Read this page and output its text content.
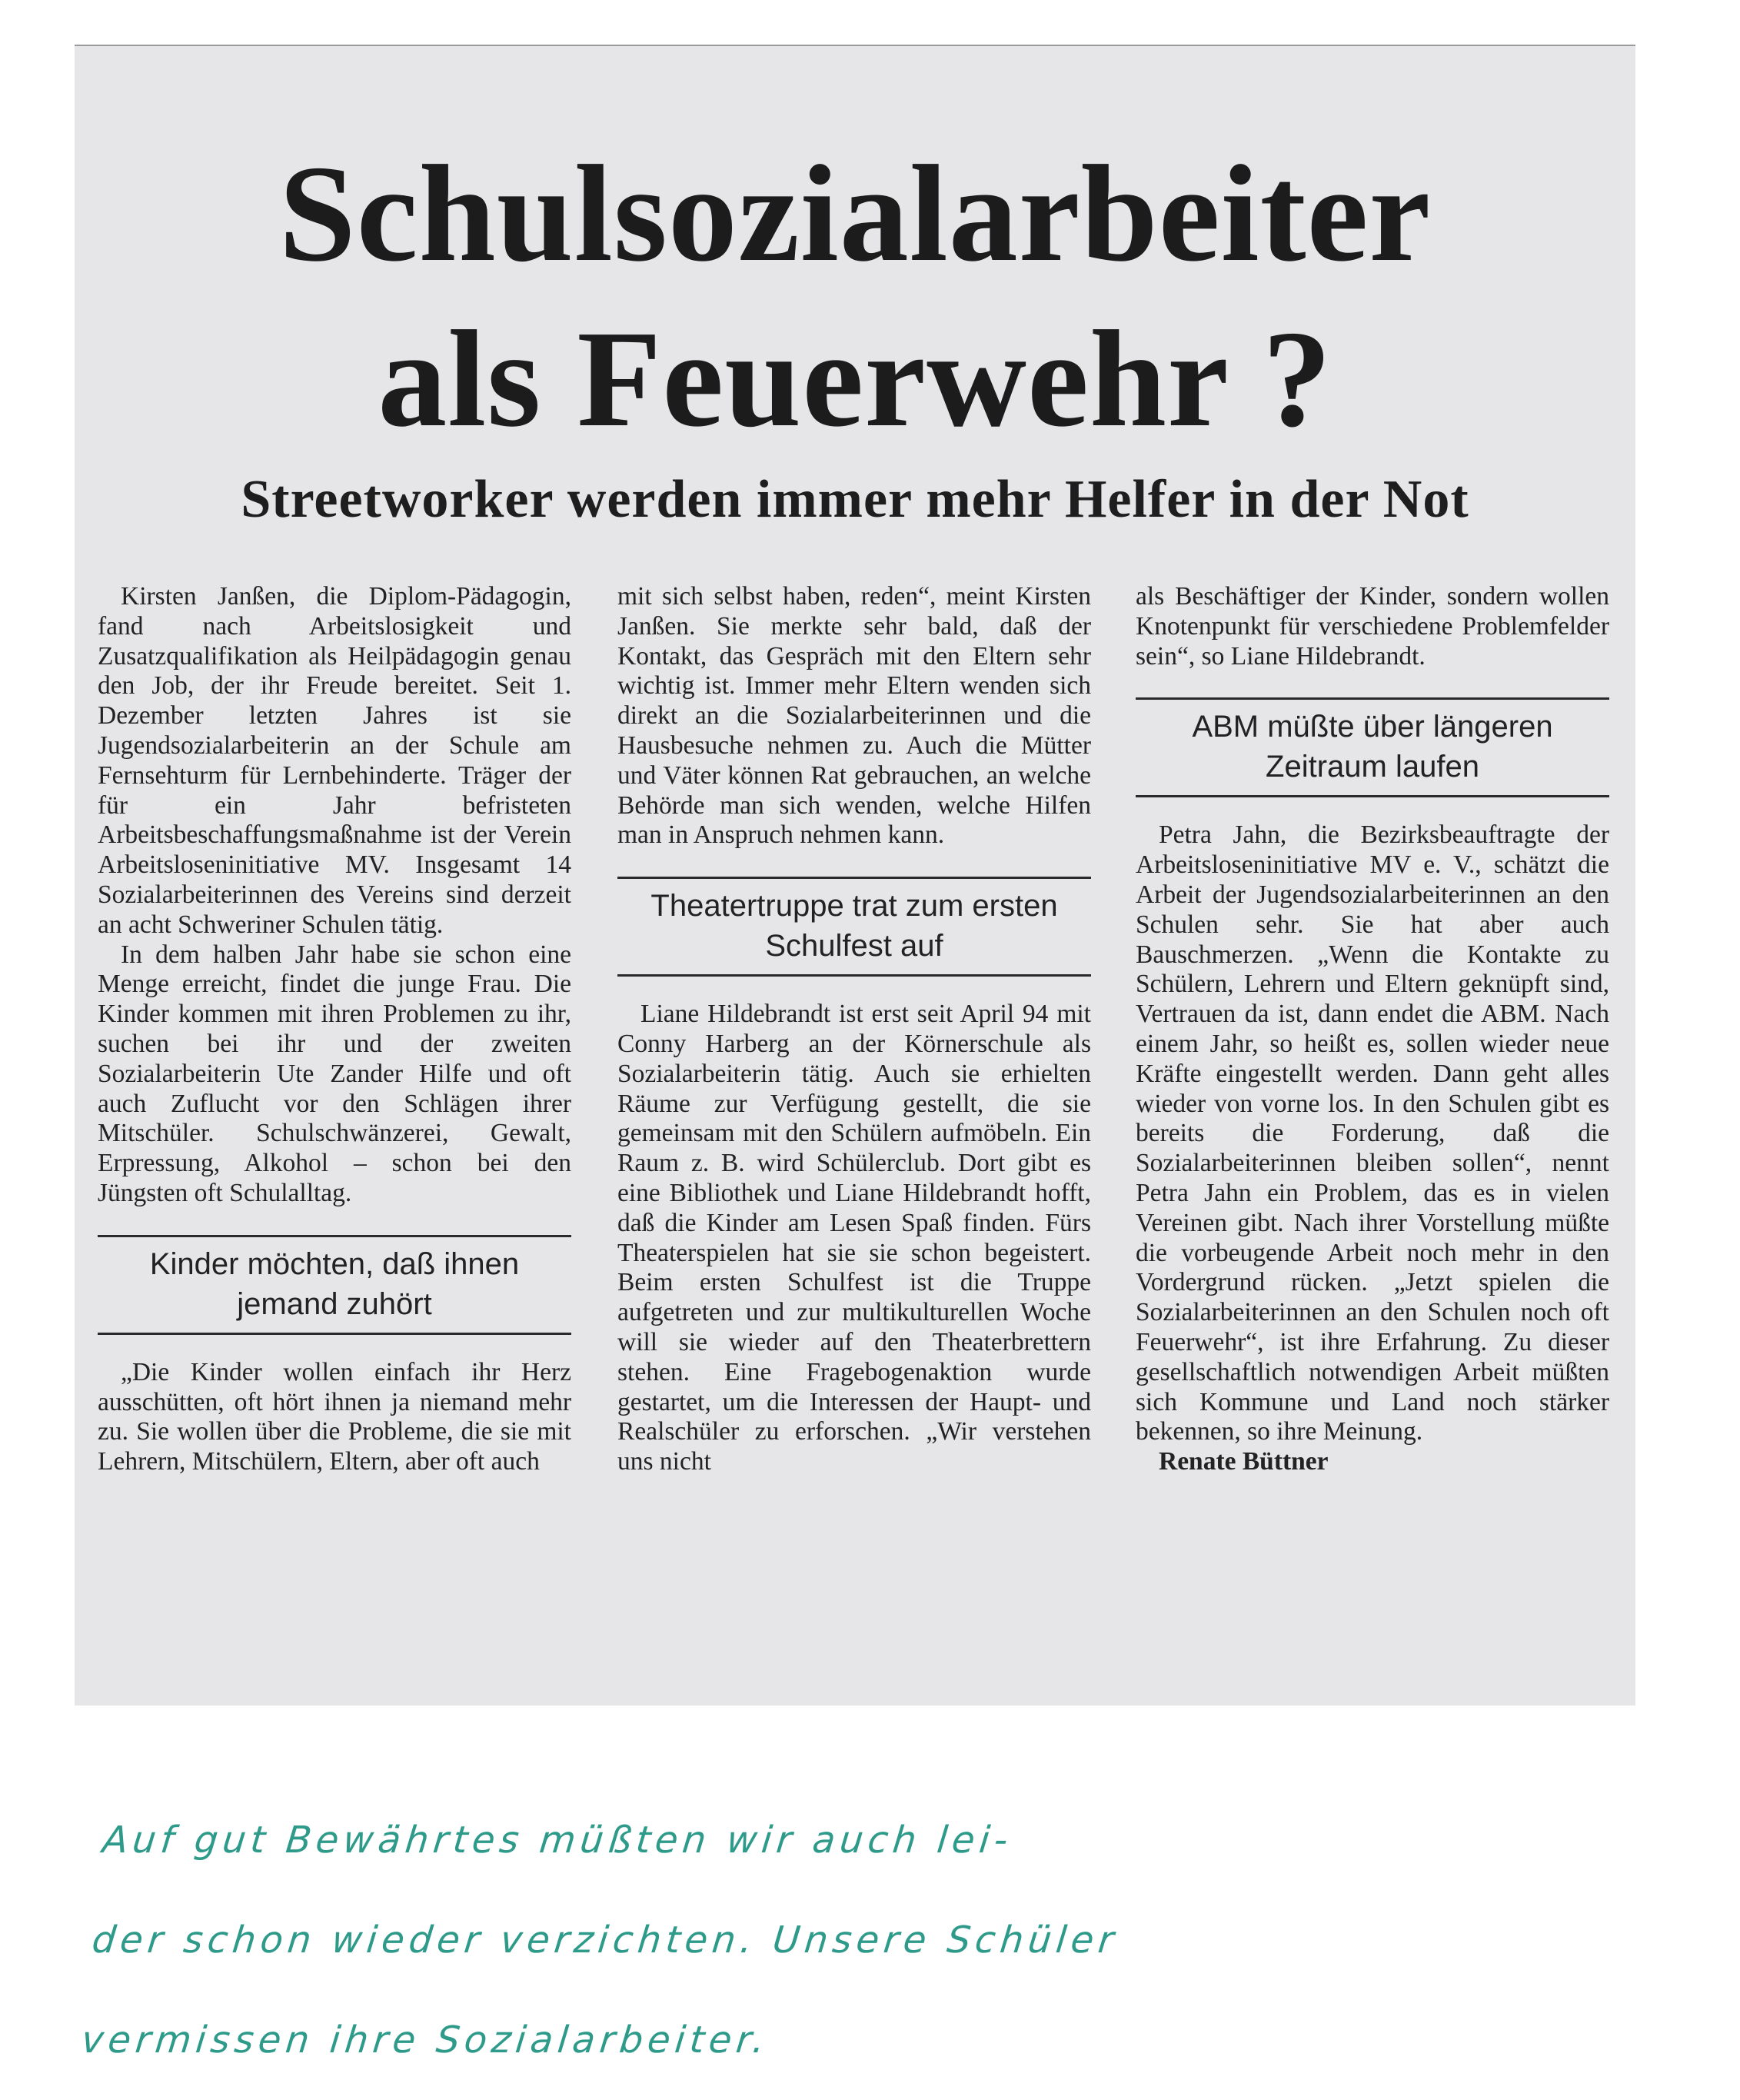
Schulsozialarbeiter
als Feuerwehr ?
Streetworker werden immer mehr Helfer in der Not

Kirsten Janßen, die Diplom-Pädagogin, fand nach Arbeitslosigkeit und Zusatzqualifikation als Heilpädagogin genau den Job, der ihr Freude bereitet. Seit 1. Dezember letzten Jahres ist sie Jugendsozialarbeiterin an der Schule am Fernsehturm für Lernbehinderte. Träger der für ein Jahr befristeten Arbeitsbeschaffungsmaßnahme ist der Verein Arbeitsloseninitiative MV. Insgesamt 14 Sozialarbeiterinnen des Vereins sind derzeit an acht Schweriner Schulen tätig.

In dem halben Jahr habe sie schon eine Menge erreicht, findet die junge Frau. Die Kinder kommen mit ihren Problemen zu ihr, suchen bei ihr und der zweiten Sozialarbeiterin Ute Zander Hilfe und oft auch Zuflucht vor den Schlägen ihrer Mitschüler. Schulschwänzerei, Gewalt, Erpressung, Alkohol – schon bei den Jüngsten oft Schulalltag.

Kinder möchten, daß ihnen jemand zuhört

„Die Kinder wollen einfach ihr Herz ausschütten, oft hört ihnen ja niemand mehr zu. Sie wollen über die Probleme, die sie mit Lehrern, Mitschülern, Eltern, aber oft auch

mit sich selbst haben, reden“, meint Kirsten Janßen. Sie merkte sehr bald, daß der Kontakt, das Gespräch mit den Eltern sehr wichtig ist. Immer mehr Eltern wenden sich direkt an die Sozialarbeiterinnen und die Hausbesuche nehmen zu. Auch die Mütter und Väter können Rat gebrauchen, an welche Behörde man sich wenden, welche Hilfen man in Anspruch nehmen kann.

Theatertruppe trat zum ersten Schulfest auf

Liane Hildebrandt ist erst seit April 94 mit Conny Harberg an der Körnerschule als Sozialarbeiterin tätig. Auch sie erhielten Räume zur Verfügung gestellt, die sie gemeinsam mit den Schülern aufmöbeln. Ein Raum z. B. wird Schülerclub. Dort gibt es eine Bibliothek und Liane Hildebrandt hofft, daß die Kinder am Lesen Spaß finden. Fürs Theaterspielen hat sie sie schon begeistert. Beim ersten Schulfest ist die Truppe aufgetreten und zur multikulturellen Woche will sie wieder auf den Theaterbrettern stehen. Eine Fragebogenaktion wurde gestartet, um die Interessen der Haupt- und Realschüler zu erforschen. „Wir verstehen uns nicht

als Beschäftiger der Kinder, sondern wollen Knotenpunkt für verschiedene Problemfelder sein“, so Liane Hildebrandt.

ABM müßte über längeren Zeitraum laufen

Petra Jahn, die Bezirksbeauftragte der Arbeitsloseninitiative MV e. V., schätzt die Arbeit der Jugendsozialarbeiterinnen an den Schulen sehr. Sie hat aber auch Bauschmerzen. „Wenn die Kontakte zu Schülern, Lehrern und Eltern geknüpft sind, Vertrauen da ist, dann endet die ABM. Nach einem Jahr, so heißt es, sollen wieder neue Kräfte eingestellt werden. Dann geht alles wieder von vorne los. In den Schulen gibt es bereits die Forderung, daß die Sozialarbeiterinnen bleiben sollen“, nennt Petra Jahn ein Problem, das es in vielen Vereinen gibt. Nach ihrer Vorstellung müßte die vorbeugende Arbeit noch mehr in den Vordergrund rücken. „Jetzt spielen die Sozialarbeiterinnen an den Schulen noch oft Feuerwehr“, ist ihre Erfahrung. Zu dieser gesellschaftlich notwendigen Arbeit müßten sich Kommune und Land noch stärker bekennen, so ihre Meinung.

Renate Büttner

Auf gut Bewährtes müßten wir auch lei-
der schon wieder verzichten. Unsere Schüler
vermissen ihre Sozialarbeiter.
